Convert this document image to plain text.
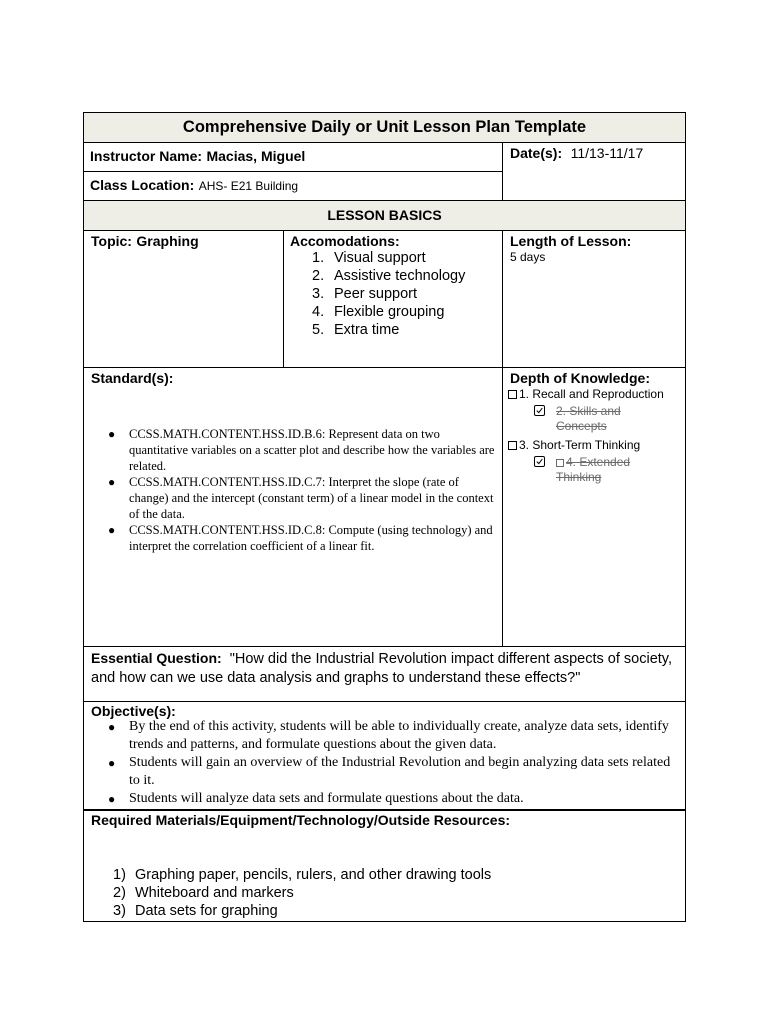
Comprehensive Daily or Unit Lesson Plan Template
Instructor Name: Macias, Miguel	Date(s): 11/13-11/17
Class Location: AHS- E21 Building
LESSON BASICS
Topic: Graphing	Accomodations:
1. Visual support
2. Assistive technology
3. Peer support
4. Flexible grouping
5. Extra time
Length of Lesson:
5 days
Standard(s):
● CCSS.MATH.CONTENT.HSS.ID.B.6: Represent data on two quantitative variables on a scatter plot and describe how the variables are related.
● CCSS.MATH.CONTENT.HSS.ID.C.7: Interpret the slope (rate of change) and the intercept (constant term) of a linear model in the context of the data.
● CCSS.MATH.CONTENT.HSS.ID.C.8: Compute (using technology) and interpret the correlation coefficient of a linear fit.
Depth of Knowledge:
1. Recall and Reproduction
2. Skills and Concepts
3. Short-Term Thinking
4. Extended Thinking
Essential Question: "How did the Industrial Revolution impact different aspects of society, and how can we use data analysis and graphs to understand these effects?"
Objective(s):
● By the end of this activity, students will be able to individually create, analyze data sets, identify trends and patterns, and formulate questions about the given data.
● Students will gain an overview of the Industrial Revolution and begin analyzing data sets related to it.
● Students will analyze data sets and formulate questions about the data.
Required Materials/Equipment/Technology/Outside Resources:
1) Graphing paper, pencils, rulers, and other drawing tools
2) Whiteboard and markers
3) Data sets for graphing
